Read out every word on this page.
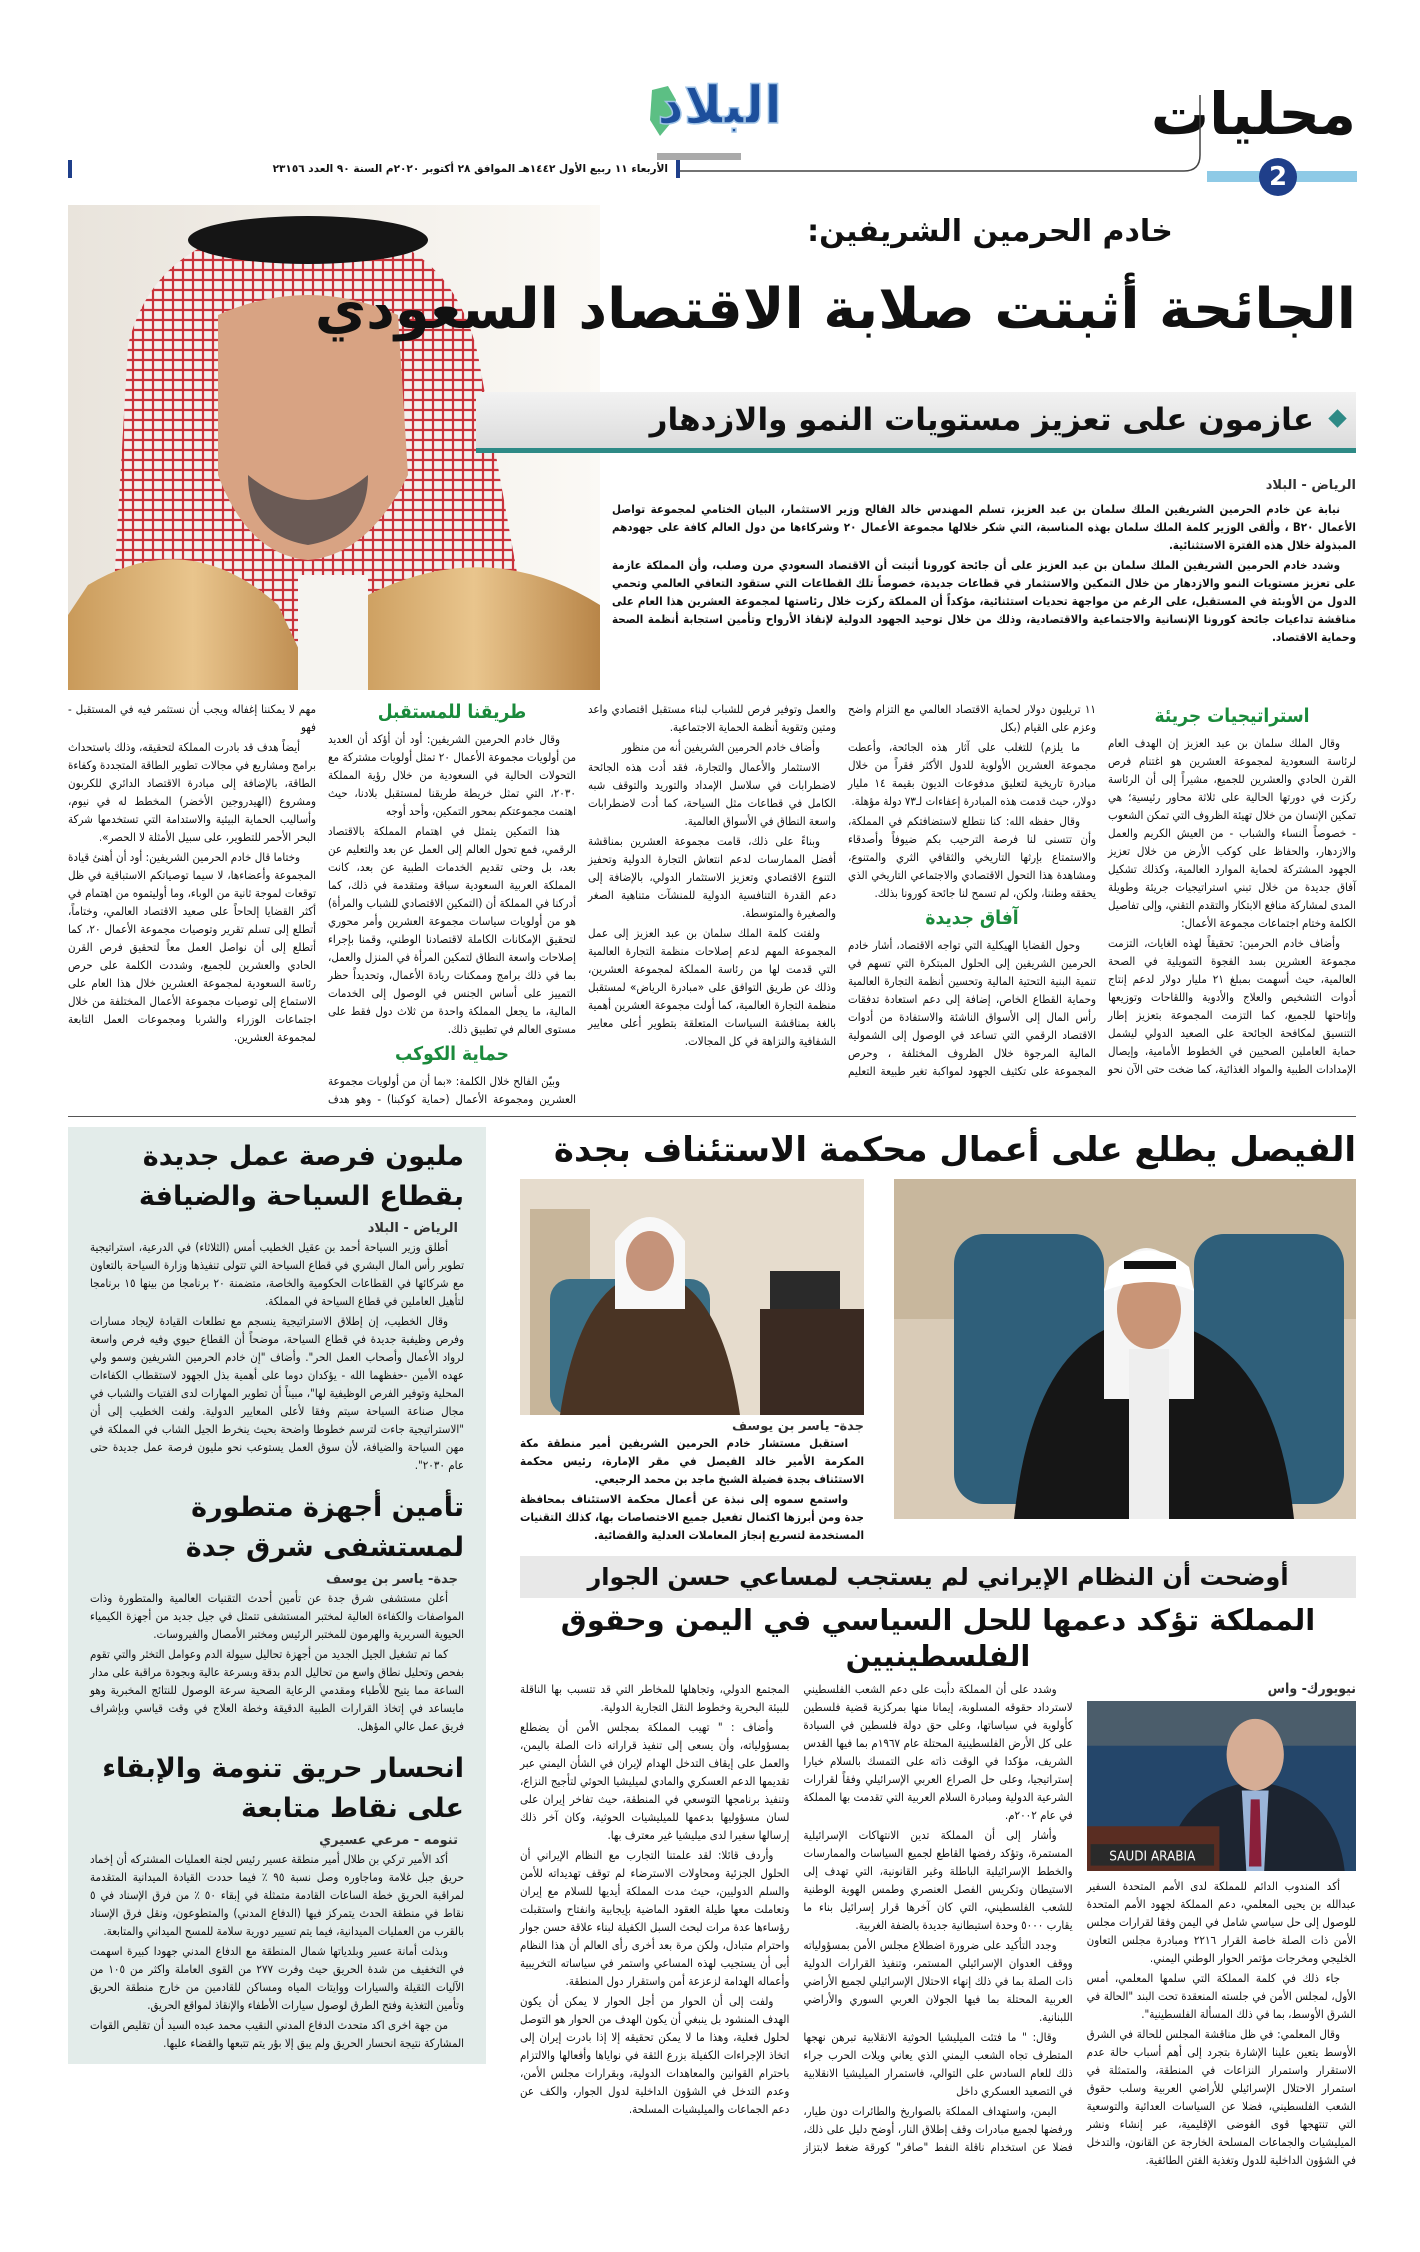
محليات
2
البلاد
الأربعاء ١١ ربيع الأول ١٤٤٢هـ الموافق ٢٨ أكتوبر ٢٠٢٠م السنة ٩٠ العدد ٢٣١٥٦
خادم الحرمين الشريفين:
الجائحة أثبتت صلابة الاقتصاد السعودي
عازمون على تعزيز مستويات النمو والازدهار
الرياض - البلاد

نيابة عن خادم الحرمين الشريفين الملك سلمان بن عبد العزيز، تسلم المهندس خالد الفالح وزير الاستثمار، البيان الختامي لمجموعة تواصل الأعمال B٢٠ ، وألقى الوزير كلمة الملك سلمان بهذه المناسبة، التي شكر خلالها مجموعة الأعمال ٢٠ وشركاءها من دول العالم كافة على جهودهم المبذولة خلال هذه الفترة الاستثنائية.

وشدد خادم الحرمين الشريفين الملك سلمان بن عبد العزيز على أن جائحة كورونا أثبتت أن الاقتصاد السعودي مرن وصلب، وأن المملكة عازمة على تعزيز مستويات النمو والازدهار من خلال التمكين والاستثمار في قطاعات جديدة، خصوصاً تلك القطاعات التي ستقود التعافي العالمي وتحمي الدول من الأوبئة في المستقبل، على الرغم من مواجهة تحديات استثنائية، مؤكداً أن المملكة ركزت خلال رئاستها لمجموعة العشرين هذا العام على مناقشة تداعيات جائحة كورونا الإنسانية والاجتماعية والاقتصادية، وذلك من خلال توحيد الجهود الدولية لإنقاذ الأرواح وتأمين استجابة أنظمة الصحة وحماية الاقتصاد.

استراتيجيات جريئة

وقال الملك سلمان بن عبد العزيز إن الهدف العام لرئاسة السعودية لمجموعة العشرين هو اغتنام فرص القرن الحادي والعشرين للجميع، مشيراً إلى أن الرئاسة ركزت في دورتها الحالية على ثلاثة محاور رئيسية؛ هي تمكين الإنسان من خلال تهيئة الظروف التي تمكن الشعوب - خصوصاً النساء والشباب - من العيش الكريم والعمل والازدهار، والحفاظ على كوكب الأرض من خلال تعزيز الجهود المشتركة لحماية الموارد العالمية، وكذلك تشكيل آفاق جديدة من خلال تبني استراتيجيات جريئة وطويلة المدى لمشاركة منافع الابتكار والتقدم التقني، وإلى تفاصيل الكلمة وختام اجتماعات مجموعة الأعمال:

وأضاف خادم الحرمين: تحقيقاً لهذه الغايات، التزمت مجموعة العشرين بسد الفجوة التمويلية في الصحة العالمية، حيث أسهمت بمبلغ ٢١ مليار دولار لدعم إنتاج أدوات التشخيص والعلاج والأدوية واللقاحات وتوزيعها وإتاحتها للجميع، كما التزمت المجموعة بتعزيز إطار التنسيق لمكافحة الجائحة على الصعيد الدولي ليشمل حماية العاملين الصحيين في الخطوط الأمامية، وإيصال الإمدادات الطبية والمواد الغذائية، كما ضخت حتى الآن نحو ١١ تريليون دولار لحماية الاقتصاد العالمي مع التزام واضح وعزم على القيام (بكل

ما يلزم) للتغلب على آثار هذه الجائحة، وأعطت مجموعة العشرين الأولوية للدول الأكثر فقراً من خلال مبادرة تاريخية لتعليق مدفوعات الديون بقيمة ١٤ مليار دولار، حيث قدمت هذه المبادرة إعفاءات لـ٧٣ دولة مؤهلة.

وقال حفظه الله: كنا نتطلع لاستضافتكم في المملكة، وأن تتسنى لنا فرصة الترحيب بكم ضيوفاً وأصدقاء والاستمتاع بإرثها التاريخي والثقافي الثري والمتنوع، ومشاهدة هذا التحول الاقتصادي والاجتماعي التاريخي الذي يحققه وطننا، ولكن، لم تسمح لنا جائحة كورونا بذلك.

آفاق جديدة

وحول القضايا الهيكلية التي تواجه الاقتصاد، أشار خادم الحرمين الشريفين إلى الحلول المبتكرة التي تسهم في تنمية البنية التحتية المالية وتحسين أنظمة التجارة العالمية وحماية القطاع الخاص، إضافة إلى دعم استعادة تدفقات رأس المال إلى الأسواق الناشئة والاستفادة من أدوات الاقتصاد الرقمي التي تساعد في الوصول إلى الشمولية المالية المرجوة خلال الظروف المختلفة ، وحرص المجموعة على تكثيف الجهود لمواكبة تغير طبيعة التعليم والعمل وتوفير فرص للشباب لبناء مستقبل اقتصادي واعد ومتين وتقوية أنظمة الحماية الاجتماعية.

وأضاف خادم الحرمين الشريفين أنه من منظور

الاستثمار والأعمال والتجارة، فقد أدت هذه الجائحة لاضطرابات في سلاسل الإمداد والتوريد والتوقف شبه الكامل في قطاعات مثل السياحة، كما أدت لاضطرابات واسعة النطاق في الأسواق العالمية.

وبناءً على ذلك، قامت مجموعة العشرين بمناقشة أفضل الممارسات لدعم انتعاش التجارة الدولية وتحفيز التنوع الاقتصادي وتعزيز الاستثمار الدولي، بالإضافة إلى دعم القدرة التنافسية الدولية للمنشآت متناهية الصغر والصغيرة والمتوسطة.

ولفتت كلمة الملك سلمان بن عبد العزيز إلى عمل المجموعة المهم لدعم إصلاحات منظمة التجارة العالمية التي قدمت لها من رئاسة المملكة لمجموعة العشرين، وذلك عن طريق التوافق على «مبادرة الرياض» لمستقبل منظمة التجارة العالمية، كما أولت مجموعة العشرين أهمية بالغة بمناقشة السياسات المتعلقة بتطوير أعلى معايير الشفافية والنزاهة في كل المجالات.

طريقنا للمستقبل

وقال خادم الحرمين الشريفين: أود أن أؤكد أن العديد من أولويات مجموعة الأعمال ٢٠ تمثل أولويات مشتركة مع التحولات الحالية في السعودية من خلال رؤية المملكة ٢٠٣٠، التي تمثل خريطة طريقنا لمستقبل بلادنا، حيث اهتمت مجموعتكم بمحور التمكين، وأحد أوجه

هذا التمكين يتمثل في اهتمام المملكة بالاقتصاد الرقمي، فمع تحول العالم إلى العمل عن بعد والتعليم عن بعد، بل وحتى تقديم الخدمات الطبية عن بعد، كانت المملكة العربية السعودية سباقة ومتقدمة في ذلك، كما أدركنا في المملكة أن (التمكين الاقتصادي للشباب والمرأة) هو من أولويات سياسات مجموعة العشرين وأمر محوري لتحقيق الإمكانات الكاملة لاقتصادنا الوطني، وقمنا بإجراء إصلاحات واسعة النطاق لتمكين المرأة في المنزل والعمل، بما في ذلك برامج وممكنات ريادة الأعمال، وتحديداً حظر التمييز على أساس الجنس في الوصول إلى الخدمات المالية، ما يجعل المملكة واحدة من ثلاث دول فقط على مستوى العالم في تطبيق ذلك.

حماية الكوكب

وبيّن الفالح خلال الكلمة: «بما أن من أولويات مجموعة العشرين ومجموعة الأعمال (حماية كوكبنا) - وهو هدف مهم لا يمكننا إغفاله ويجب أن نستثمر فيه في المستقبل - فهو

أيضاً هدف قد بادرت المملكة لتحقيقه، وذلك باستحداث برامج ومشاريع في مجالات تطوير الطاقة المتجددة وكفاءة الطاقة، بالإضافة إلى مبادرة الاقتصاد الدائري للكربون ومشروع (الهيدروجين الأخضر) المخطط له في نيوم، وأساليب الحماية البيئية والاستدامة التي تستخدمها شركة البحر الأحمر للتطوير، على سبيل الأمثلة لا الحصر».

وختاما قال خادم الحرمين الشريفين: أود أن أهنئ قيادة المجموعة وأعضاءها، لا سيما توصياتكم الاستباقية في ظل توقعات لموجة ثانية من الوباء، وما أوليتموه من اهتمام في أكثر القضايا إلحاحاً على صعيد الاقتصاد العالمي، وختاماً، أتطلع إلى تسلم تقرير وتوصيات مجموعة الأعمال ٢٠، كما أتطلع إلى أن نواصل العمل معاً لتحقيق فرص القرن الحادي والعشرين للجميع، وشددت الكلمة على حرص رئاسة السعودية لمجموعة العشرين خلال هذا العام على الاستماع إلى توصيات مجموعة الأعمال المختلفة من خلال اجتماعات الوزراء والشربا ومجموعات العمل التابعة لمجموعة العشرين.

مليون فرصة عمل جديدة
بقطاع السياحة والضيافة
الرياض - البلاد

أطلق وزير السياحة أحمد بن عقيل الخطيب أمس (الثلاثاء) في الدرعية، استراتيجية تطوير رأس المال البشري في قطاع السياحة التي تتولى تنفيذها وزارة السياحة بالتعاون مع شركائها في القطاعات الحكومية والخاصة، متضمنة ٢٠ برنامجا من بينها ١٥ برنامجا لتأهيل العاملين في قطاع السياحة في المملكة.

وقال الخطيب، إن إطلاق الاستراتيجية ينسجم مع تطلعات القيادة لإيجاد مسارات وفرص وظيفية جديدة في قطاع السياحة، موضحاً أن القطاع حيوي وفيه فرص واسعة لرواد الأعمال وأصحاب العمل الحر". وأضاف "إن خادم الحرمين الشريفين وسمو ولي عهده الأمين -حفظهما الله - يؤكدان دوما على أهمية بذل الجهود لاستقطاب الكفاءات المحلية وتوفير الفرص الوظيفية لها"، مبيناً أن تطوير المهارات لدى الفتيات والشباب في مجال صناعة السياحة سيتم وفقا لأعلى المعايير الدولية. ولفت الخطيب إلى أن "الاستراتيجية جاءت لترسم خطوطا واضحة بحيث ينخرط الجيل الشاب في المملكة في مهن السياحة والضيافة، لأن سوق العمل يستوعب نحو مليون فرصة عمل جديدة حتى عام ٢٠٣٠".

تأمين أجهزة متطورة
لمستشفى شرق جدة
جدة- ياسر بن يوسف

أعلن مستشفى شرق جدة عن تأمين أحدث التقنيات العالمية والمتطورة وذات المواصفات والكفاءة العالية لمختبر المستشفى تتمثل في جيل جديد من أجهزة الكيمياء الحيوية السريرية والهرمون للمختبر الرئيس ومختبر الأمصال والفيروسات.

كما تم تشغيل الجيل الجديد من أجهزة تحاليل سيولة الدم وعوامل التخثر والتي تقوم بفحص وتحليل نطاق واسع من تحاليل الدم بدقة وبسرعة عالية وبجودة مراقبة على مدار الساعة مما يتيح للأطباء ومقدمي الرعاية الصحية سرعة الوصول للنتائج المخبرية وهو مايساعد في إتخاذ القرارات الطبية الدقيقة وخطة العلاج في وقت قياسي وبإشراف فريق عمل عالي المؤهل.

انحسار حريق تنومة والإبقاء
على نقاط متابعة
تنومه - مرعي عسيري

أكد الأمير تركي بن طلال أمير منطقة عسير رئيس لجنة العمليات المشتركه أن إخماد حريق جبل غلامة وماجاوره وصل نسبة ٩٥ ٪ فيما حددت القيادة الميدانية المتقدمة لمراقبة الحريق خطة الساعات القادمة متمثلة في إبقاء ٥٠ ٪ من فرق الإسناد في ٥ نقاط في منطقة الحدث يتمركز فيها (الدفاع المدني) والمتطوعون، ونقل فرق الإسناد بالقرب من العمليات الميدانية، فيما يتم تسيير دورية سلامة للمسح الميداني والمتابعة.

وبذلت أمانة عسير وبلدياتها شمال المنطقة مع الدفاع المدني جهودا كبيرة اسهمت في التخفيف من شدة الحريق حيث وفرت ٢٧٧ من القوى العاملة واكثر من ١٠٥ من الآليات الثقيلة والسيارات ووايتات المياه ومساكن للقادمين من خارج منطقة الحريق وتأمين التغذية وفتح الطرق لوصول سيارات الأطفاء والإنقاذ لمواقع الحريق.

من جهة اخرى اكد متحدث الدفاع المدني النقيب محمد عبده السيد أن تقليص القوات المشاركة نتيجة انحسار الحريق ولم يبق إلا بؤر يتم تتبعها والقضاء عليها.

الفيصل يطلع على أعمال محكمة الاستئناف بجدة
جدة- ياسر بن يوسف

استقبل مستشار خادم الحرمين الشريفين أمير منطقة مكة المكرمة الأمير خالد الفيصل في مقر الإمارة، رئيس محكمة الاستئناف بجدة فضيلة الشيخ ماجد بن محمد الرجيعي.

واستمع سموه إلى نبذة عن أعمال محكمة الاستئناف بمحافظة جدة ومن أبرزها اكتمال تفعيل جميع الاختصاصات بها، كذلك التقنيات المستخدمة لتسريع إنجاز المعاملات العدلية والقضائية.

أوضحت أن النظام الإيراني لم يستجب لمساعي حسن الجوار
المملكة تؤكد دعمها للحل السياسي في اليمن وحقوق الفلسطينيين
نيويورك- واس
SAUDI ARABIA

أكد المندوب الدائم للمملكة لدى الأمم المتحدة السفير عبدالله بن يحيى المعلمي، دعم المملكة لجهود الأمم المتحدة للوصول إلى حل سياسي شامل في اليمن وفقا لقرارات مجلس الأمن ذات الصلة خاصة القرار ٢٢١٦ ومبادرة مجلس التعاون الخليجي ومخرجات مؤتمر الحوار الوطني اليمني.

جاء ذلك في كلمة المملكة التي سلمها المعلمي، أمس الأول، لمجلس الأمن في جلسته المنعقدة تحت البند "الحالة في الشرق الأوسط، بما في ذلك المسألة الفلسطينية".

وقال المعلمي: في ظل مناقشة المجلس للحالة في الشرق الأوسط يتعين علينا الإشارة بتجرد إلى أهم أسباب حالة عدم الاستقرار واستمرار النزاعات في المنطقة، والمتمثلة في استمرار الاحتلال الإسرائيلي للأراضي العربية وسلب حقوق الشعب الفلسطيني، فضلا عن السياسات العدائية والتوسعية التي تنتهجها قوى الفوضى الإقليمية، عبر إنشاء ونشر الميليشيات والجماعات المسلحة الخارجة عن القانون، والتدخل في الشؤون الداخلية للدول وتغذية الفتن الطائفية.

وشدد على أن المملكة دأبت على دعم الشعب الفلسطيني لاسترداد حقوقه المسلوبة، إيمانا منها بمركزية قضية فلسطين كأولوية في سياساتها، وعلى حق دولة فلسطين في السيادة على كل الأرض الفلسطينية المحتلة عام ١٩٦٧م بما فيها القدس الشريف، مؤكدا في الوقت ذاته على التمسك بالسلام خيارا إستراتيجيا، وعلى حل الصراع العربي الإسرائيلي وفقاً لقرارات الشرعية الدولية ومبادرة السلام العربية التي تقدمت بها المملكة في عام ٢٠٠٢م.

وأشار إلى أن المملكة تدين الانتهاكات الإسرائيلية المستمرة، وتؤكد رفضها القاطع لجميع السياسات والممارسات والخطط الإسرائيلية الباطلة وغير القانونية، التي تهدف إلى الاستيطان وتكريس الفصل العنصري وطمس الهوية الوطنية للشعب الفلسطيني، التي كان آخرها قرار إسرائيل بناء ما يقارب ٥٠٠٠ وحدة استيطانية جديدة بالضفة الغربية.

وجدد التأكيد على ضرورة اضطلاع مجلس الأمن بمسؤولياته ووقف العدوان الإسرائيلي المستمر، وتنفيذ القرارات الدولية ذات الصلة بما في ذلك إنهاء الاحتلال الإسرائيلي لجميع الأراضي العربية المحتلة بما فيها الجولان العربي السوري والأراضي اللبنانية.

وقال: " ما فتئت الميليشيا الحوثية الانقلابية تبرهن نهجها المتطرف تجاه الشعب اليمني الذي يعاني ويلات الحرب جراء ذلك للعام السادس على التوالي، فاستمرار الميليشيا الانقلابية في التصعيد العسكري داخل

اليمن، واستهداف المملكة بالصواريخ والطائرات دون طيار، ورفضها لجميع مبادرات وقف إطلاق النار، أوضح دليل على ذلك، فضلا عن استخدام ناقلة النفط "صافر" كورقة ضغط لابتزاز المجتمع الدولي، وتجاهلها للمخاطر التي قد تتسبب بها الناقلة للبيئة البحرية وخطوط النقل التجارية الدولية.

وأضاف : " تهيب المملكة بمجلس الأمن أن يضطلع بمسؤولياته، وأن يسعى إلى تنفيذ قراراته ذات الصلة باليمن، والعمل على إيقاف التدخل الهدام لإيران في الشأن اليمني عبر تقديمها الدعم العسكري والمادي لميليشيا الحوثي لتأجيج النزاع، وتنفيذ برنامجها التوسعي في المنطقة، حيث تفاخر إيران على لسان مسؤوليها بدعمها للميليشيات الحوثية، وكان آخر ذلك إرسالها سفيرا لدى ميليشيا غير معترف بها.

وأردف قائلا: لقد علمتنا التجارب مع النظام الإيراني أن الحلول الجزئية ومحاولات الاسترضاء لم توقف تهديداته للأمن والسلم الدوليين، حيث مدت المملكة أيديها للسلام مع إيران وتعاملت معها طيلة العقود الماضية بإيجابية وانفتاح واستقبلت رؤساءها عدة مرات لبحث السبل الكفيلة لبناء علاقة حسن جوار واحترام متبادل، ولكن مرة بعد أخرى رأى العالم أن هذا النظام أبى أن يستجيب لهذه المساعي واستمر في سياساته التخريبية وأعماله الهدامة لزعزعة أمن واستقرار دول المنطقة.

ولفت إلى أن الحوار من أجل الحوار لا يمكن أن يكون الهدف المنشود بل ينبغي أن يكون الهدف من الحوار هو التوصل لحلول فعلية، وهذا ما لا يمكن تحقيقه إلا إذا بادرت إيران إلى اتخاذ الإجراءات الكفيلة بزرع الثقة في نواياها وأفعالها والالتزام باحترام القوانين والمعاهدات الدولية، وبقرارات مجلس الأمن، وعدم التدخل في الشؤون الداخلية لدول الجوار، والكف عن دعم الجماعات والميليشيات المسلحة.
